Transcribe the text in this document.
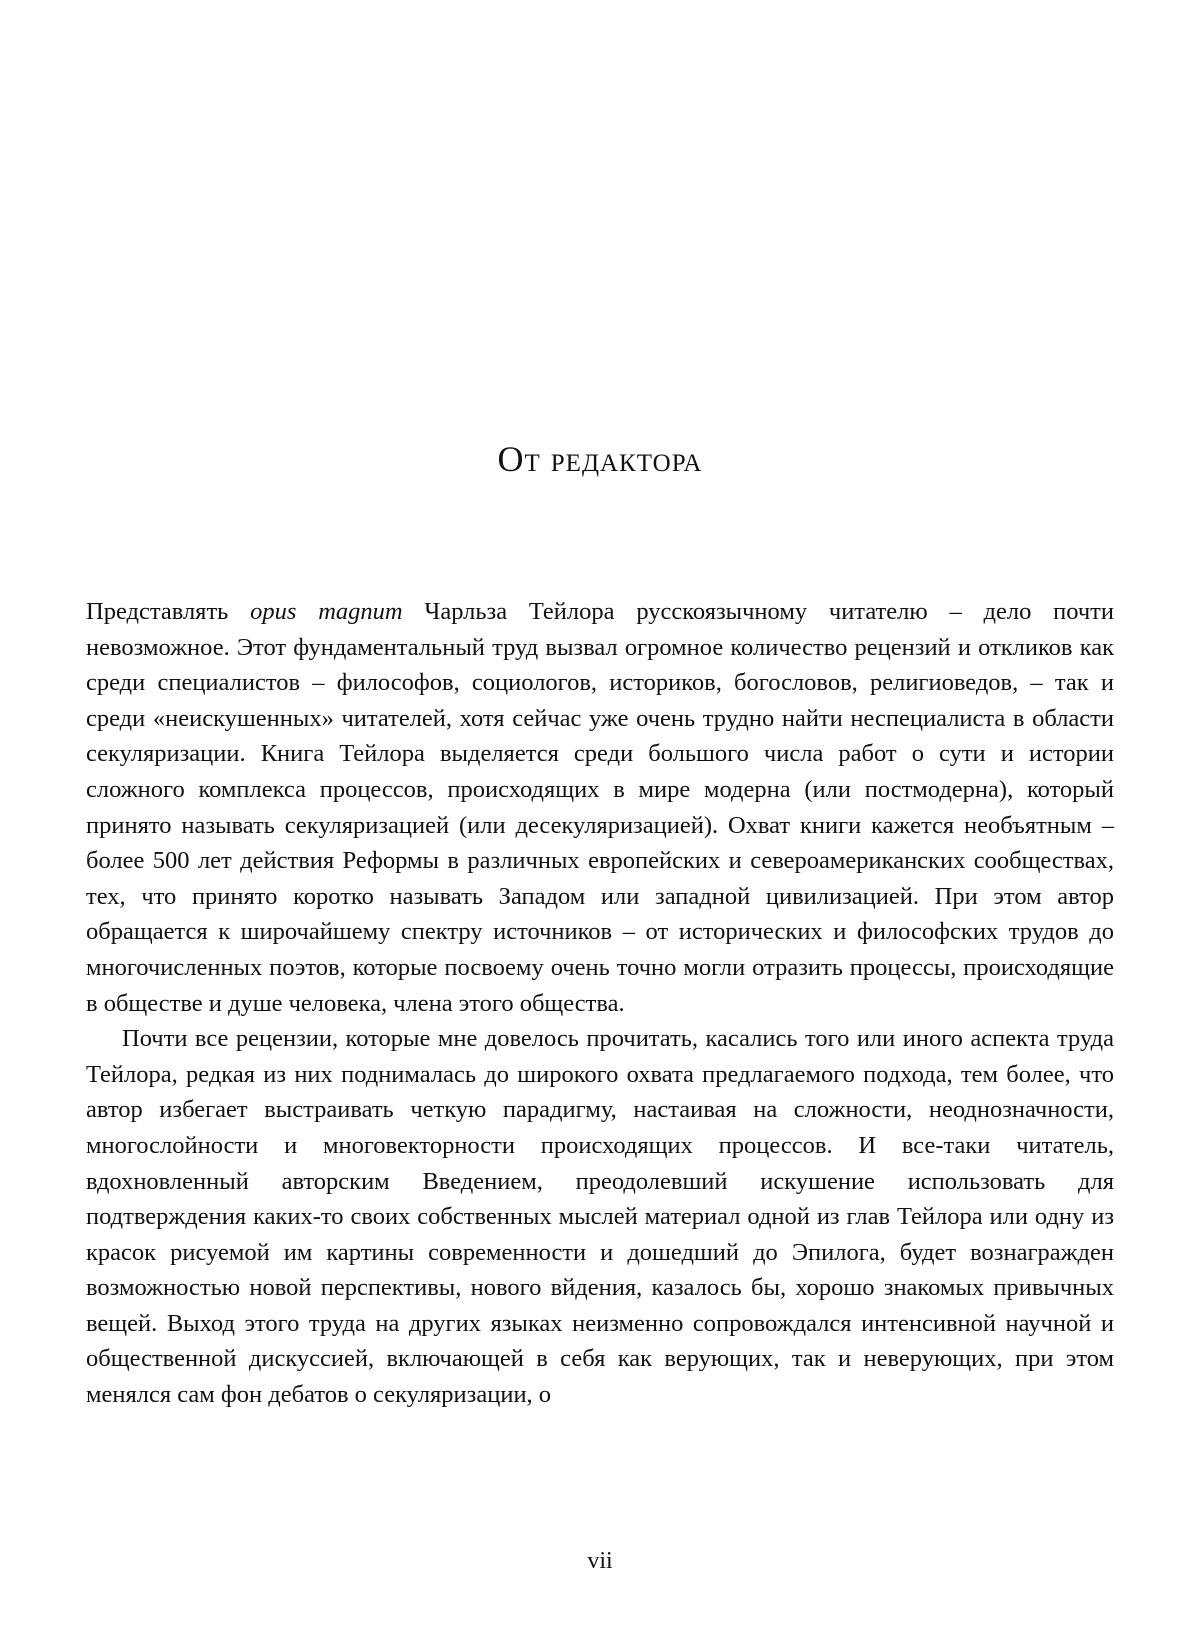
От редактора

Представлять opus magnum Чарльза Тейлора русскоязычному читателю – дело почти невозможное. Этот фундаментальный труд вызвал огромное количество рецензий и откликов как среди специалистов – философов, социологов, историков, богословов, религиоведов, – так и среди «неискушенных» читателей, хотя сейчас уже очень трудно найти неспециалиста в области секуляризации. Книга Тейлора выделяется среди большого числа работ о сути и истории сложного комплекса процессов, происходящих в мире модерна (или постмодерна), который принято называть секуляризацией (или десекуляризацией). Охват книги кажется необъятным – более 500 лет действия Реформы в различных европейских и североамериканских сообществах, тех, что принято коротко называть Западом или западной цивилизацией. При этом автор обращается к широчайшему спектру источников – от исторических и философских трудов до многочисленных поэтов, которые посвоему очень точно могли отразить процессы, происходящие в обществе и душе человека, члена этого общества.

Почти все рецензии, которые мне довелось прочитать, касались того или иного аспекта труда Тейлора, редкая из них поднималась до широкого охвата предлагаемого подхода, тем более, что автор избегает выстраивать четкую парадигму, настаивая на сложности, неоднозначности, многослойности и многовекторности происходящих процессов. И все-таки читатель, вдохновленный авторским Введением, преодолевший искушение использовать для подтверждения каких-то своих собственных мыслей материал одной из глав Тейлора или одну из красок рисуемой им картины современности и дошедший до Эпилога, будет вознагражден возможностью новой перспективы, нового вйдения, казалось бы, хорошо знакомых привычных вещей. Выход этого труда на других языках неизменно сопровождался интенсивной научной и общественной дискуссией, включающей в себя как верующих, так и неверующих, при этом менялся сам фон дебатов о секуляризации, о

vii
